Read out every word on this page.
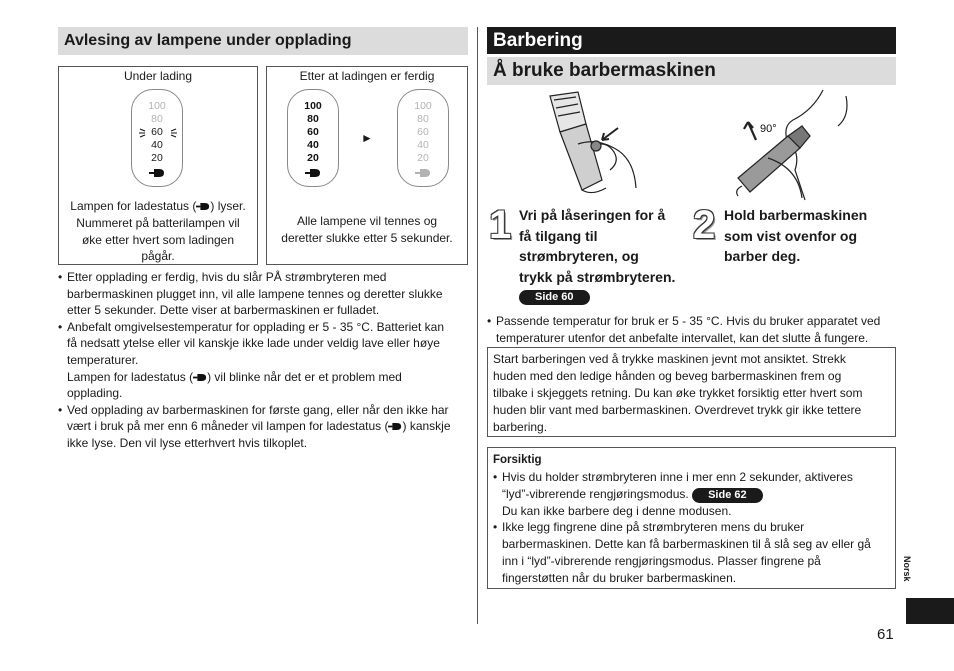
Avlesing av lampene under opplading
Under lading
100
80
60
40
20
Lampen for ladestatus ( ) lyser.
Nummeret på batterilampen vil
øke etter hvert som ladingen
pågår.
Etter at ladingen er ferdig
100
80
60
40
20
►
100
80
60
40
20
Alle lampene vil tennes og
deretter slukke etter 5 sekunder.
• Etter opplading er ferdig, hvis du slår PÅ strømbryteren med
barbermaskinen plugget inn, vil alle lampene tennes og deretter slukke
etter 5 sekunder. Dette viser at barbermaskinen er fulladet.
• Anbefalt omgivelsestemperatur for opplading er 5 - 35 °C. Batteriet kan
få nedsatt ytelse eller vil kanskje ikke lade under veldig lave eller høye
temperaturer.
Lampen for ladestatus ( ) vil blinke når det er et problem med
opplading.
• Ved opplading av barbermaskinen for første gang, eller når den ikke har
vært i bruk på mer enn 6 måneder vil lampen for ladestatus ( ) kanskje
ikke lyse. Den vil lyse etterhvert hvis tilkoplet.
Barbering
Å bruke barbermaskinen
90°
1 Vri på låseringen for å
få tilgang til
strømbryteren, og
trykk på strømbryteren.
Side 60
2 Hold barbermaskinen
som vist ovenfor og
barber deg.
• Passende temperatur for bruk er 5 - 35 °C. Hvis du bruker apparatet ved
temperaturer utenfor det anbefalte intervallet, kan det slutte å fungere.
Start barberingen ved å trykke maskinen jevnt mot ansiktet. Strekk
huden med den ledige hånden og beveg barbermaskinen frem og
tilbake i skjeggets retning. Du kan øke trykket forsiktig etter hvert som
huden blir vant med barbermaskinen. Overdrevet trykk gir ikke tettere
barbering.
Forsiktig
• Hvis du holder strømbryteren inne i mer enn 2 sekunder, aktiveres
“lyd”-vibrerende rengjøringsmodus. Side 62
Du kan ikke barbere deg i denne modusen.
• Ikke legg fingrene dine på strømbryteren mens du bruker
barbermaskinen. Dette kan få barbermaskinen til å slå seg av eller gå
inn i “lyd”-vibrerende rengjøringsmodus. Plasser fingrene på
fingerstøtten når du bruker barbermaskinen.	Norsk
61
